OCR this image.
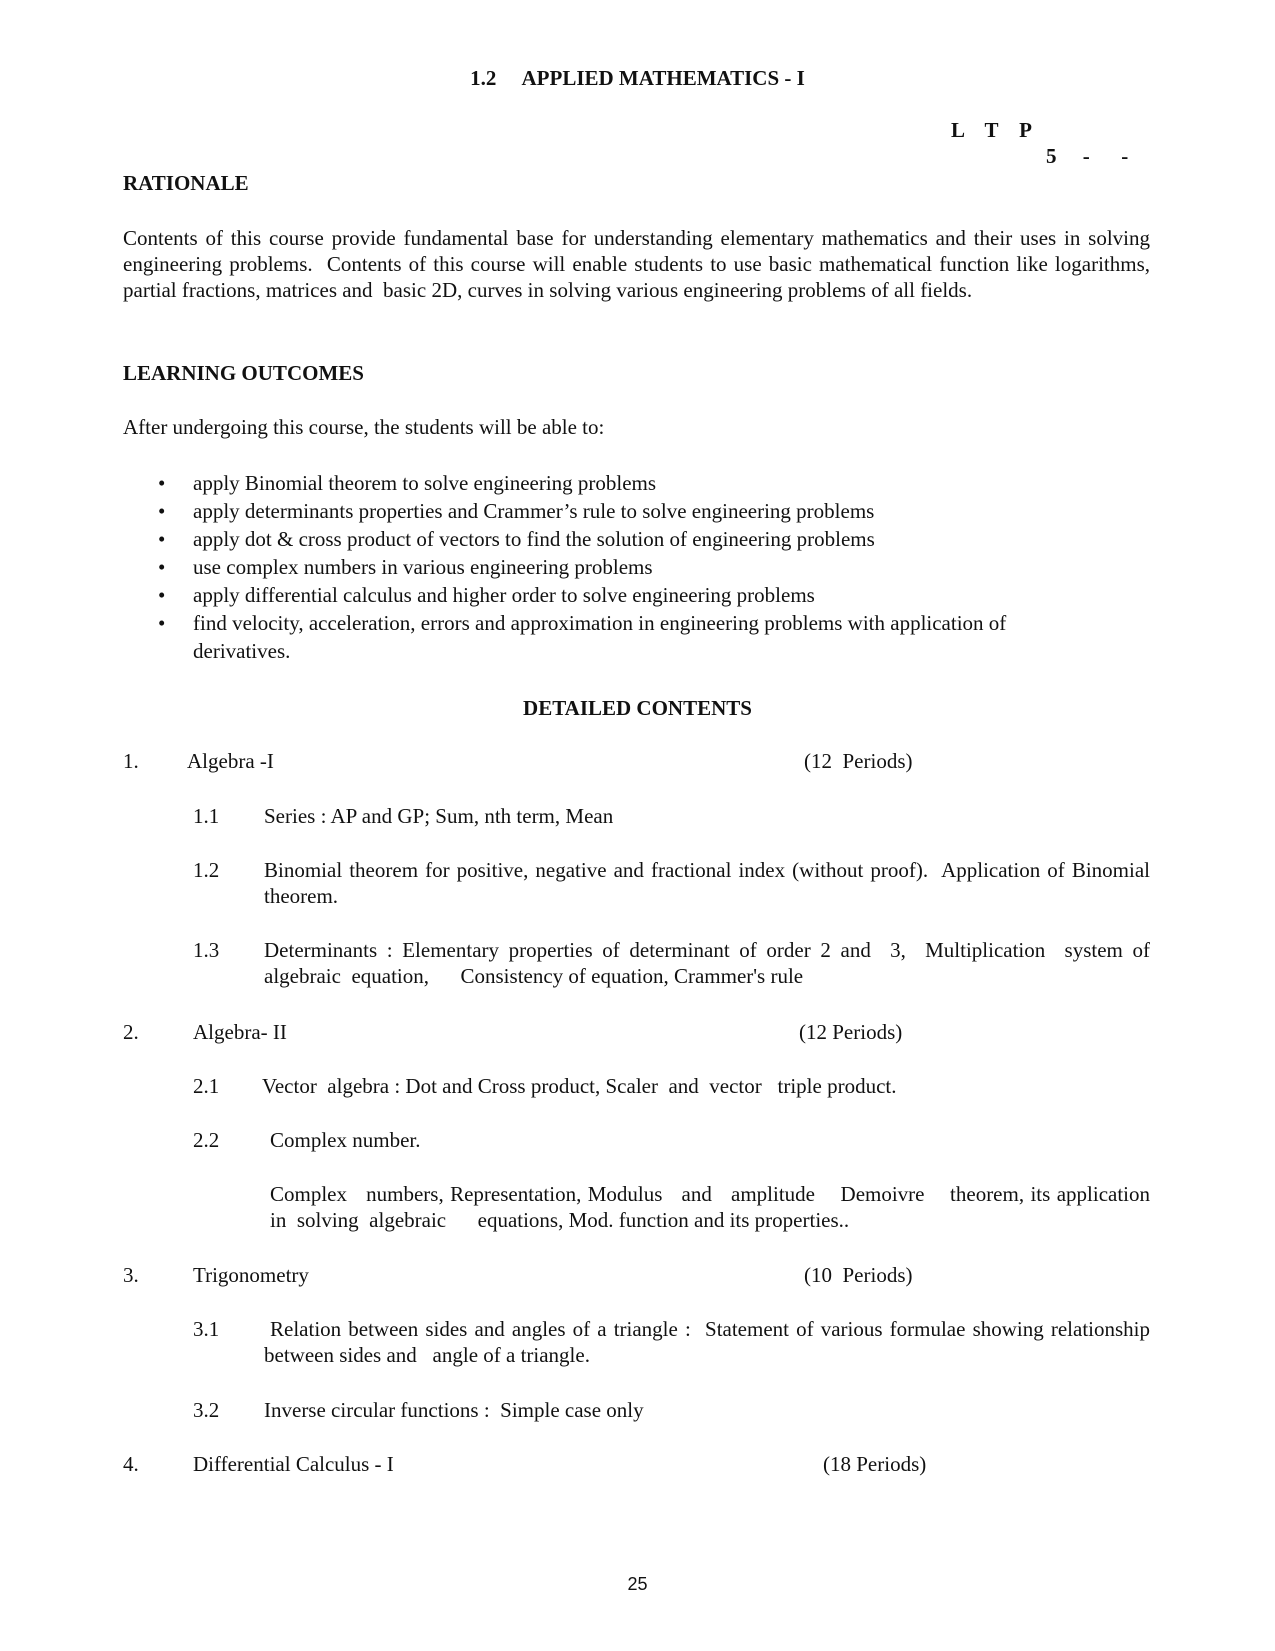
1.2     APPLIED MATHEMATICS - I
L    T    P
5     -      -
RATIONALE
Contents of this course provide fundamental base for understanding elementary mathematics and their uses in solving engineering problems.  Contents of this course will enable students to use basic mathematical function like logarithms, partial fractions, matrices and  basic 2D, curves in solving various engineering problems of all fields.
LEARNING OUTCOMES
After undergoing this course, the students will be able to:
• apply Binomial theorem to solve engineering problems
• apply determinants properties and Crammer’s rule to solve engineering problems
• apply dot & cross product of vectors to find the solution of engineering problems
• use complex numbers in various engineering problems
• apply differential calculus and higher order to solve engineering problems
• find velocity, acceleration, errors and approximation in engineering problems with application of derivatives.
DETAILED CONTENTS
1. Algebra -I	(12  Periods)
1.1 Series : AP and GP; Sum, nth term, Mean
1.2 Binomial theorem for positive, negative and fractional index (without proof).  Application of Binomial theorem.
1.3 Determinants : Elementary properties of determinant of order 2 and  3,  Multiplication  system of  algebraic  equation,      Consistency of equation, Crammer's rule
2.	Algebra- II	(12 Periods)
2.1 Vector  algebra : Dot and Cross product, Scaler  and  vector   triple product.
2.2 Complex number.
Complex   numbers, Representation, Modulus   and   amplitude    Demoivre    theorem, its application  in  solving  algebraic      equations, Mod. function and its properties..
3.	Trigonometry	(10  Periods)
3.1 Relation between sides and angles of a triangle :  Statement of various formulae showing relationship between sides and   angle of a triangle.
3.2 Inverse circular functions :  Simple case only
4.	Differential Calculus - I	(18 Periods)
25
